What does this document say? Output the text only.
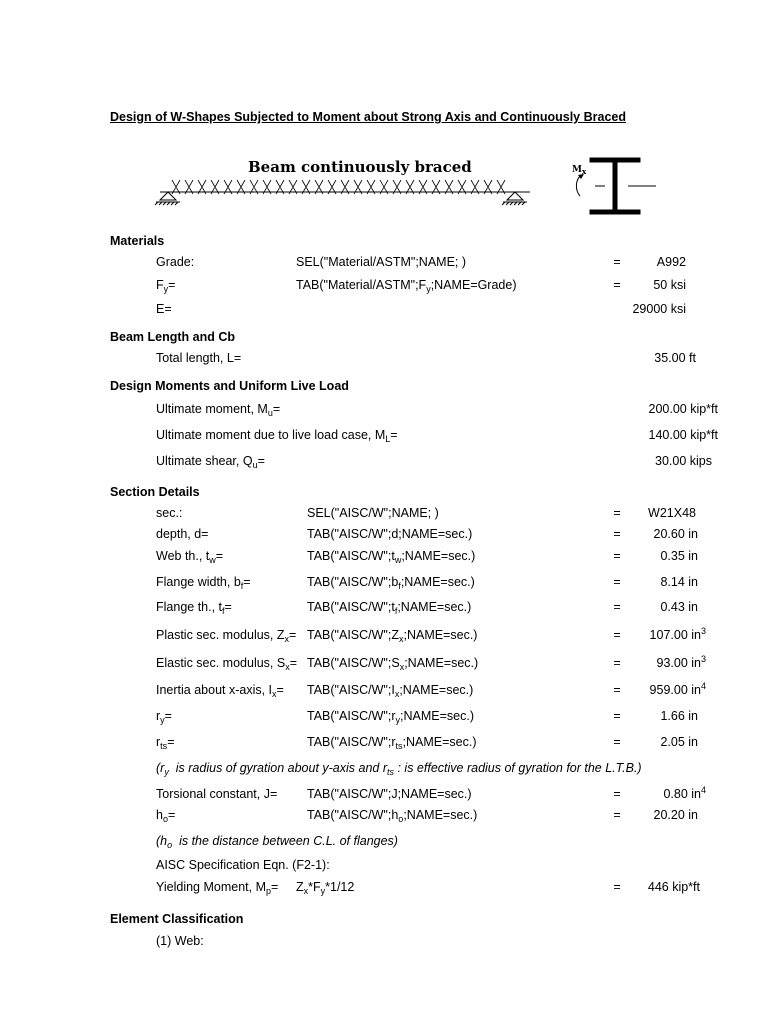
Design of W-Shapes Subjected to Moment about Strong Axis and Continuously Braced
Beam continuously braced	$M_x$
Materials
Grade:	SEL("Material/ASTM";NAME; )	=	A992
$F_y=$	$TAB("Material/ASTM";F_y;NAME=Grade)$	=	50 ksi
E=	29000 ksi
Beam Length and Cb
Total length, L=	35.00 ft
Design Moments and Uniform Live Load
Ultimate moment, $M_u=$	200.00 kip*ft
Ultimate moment due to live load case, $M_L=$	140.00 kip*ft
Ultimate shear, $Q_u=$	30.00 kips
Section Details
sec.:	SEL("AISC/W";NAME; )	=	W21X48
depth, d=	TAB("AISC/W";d;NAME=sec.)	=	20.60 in
Web th., $t_w=$	$TAB("AISC/W";t_w;NAME=\sec.)$	=	0.35 in
Flange width, $b_f=$	$TAB("AISC/W";b_f;NAME=\sec.)$	=	8.14 in
Flange th., $t_f=$	$TAB("AISC/W";t_f;NAME=\sec.)$	=	0.43 in
Plastic sec. modulus, $Z_x=$ $TAB("AISC/W";Z_x;NAME=\sec.)$	=	107.00 $in^3$
Elastic sec. modulus, $S_x=$ $TAB("AISC/W";S_x;NAME=\sec.)$	=	93.00 $in^3$
Inertia about x-axis, $I_x=$ $TAB("AISC/W";I_x;NAME=\sec.)$	=	959.00 $in^4$
$r_y=$	$TAB("AISC/W";r_y;NAME=\sec.)$	=	1.66 in
$r_{ts}=$	$TAB("AISC/W";r_{ts};NAME=\sec.)$	=	2.05 in
($r_y$  is radius of gyration about y-axis and $r_{ts}$ : is effective radius of gyration for the L.T.B.)
Torsional constant, J= TAB("AISC/W";J;NAME=sec.)	=	0.80 $in^4$
$h_o=$	$TAB("AISC/W";h_o;NAME=\sec.)$	=	20.20 in
($h_o$  is the distance between C.L. of flanges)
AISC Specification Eqn. (F2-1):
Yielding Moment, $M_p= Z_x*F_y*1/12$	=	446 kip*ft
Element Classification
(1) Web:
